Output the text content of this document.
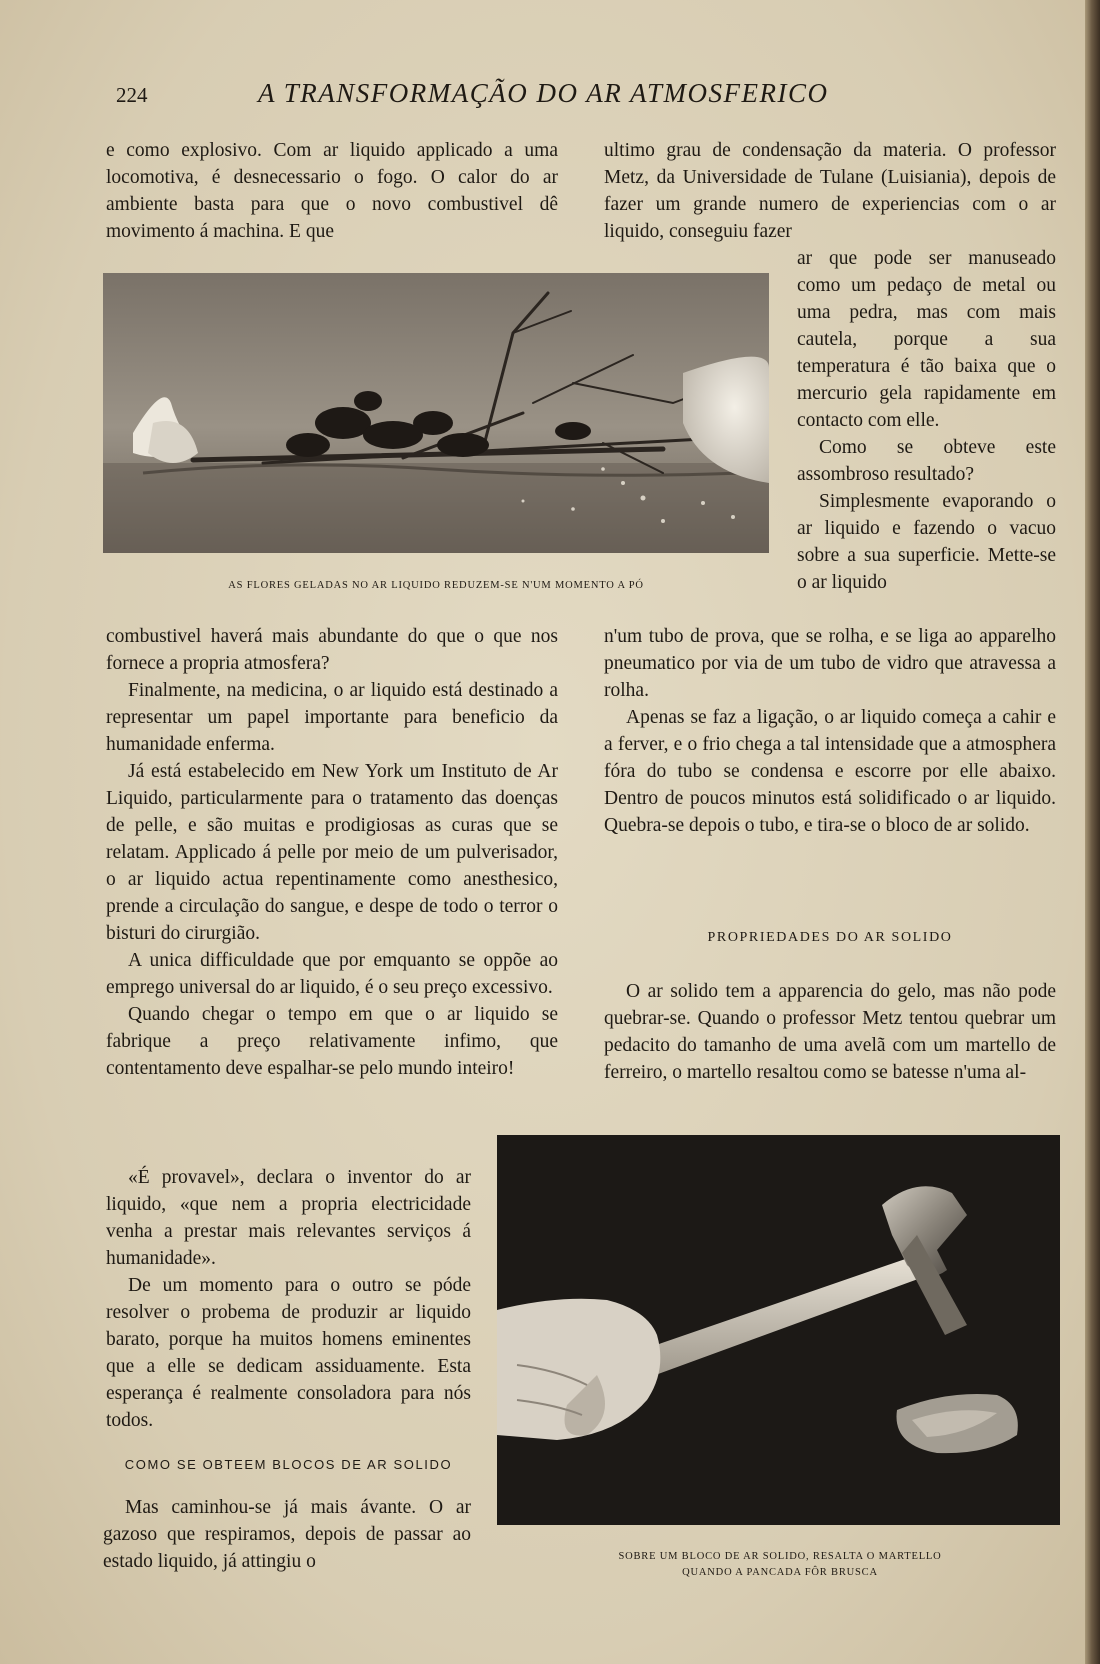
224	A TRANSFORMAÇÃO DO AR ATMOSFERICO

e como explosivo. Com ar liquido applicado a uma locomotiva, é desnecessario o fogo. O calor do ar ambiente basta para que o novo combustivel dê movimento á machina. E que

AS FLORES GELADAS NO AR LIQUIDO REDUZEM-SE N'UM MOMENTO A PÓ

combustivel haverá mais abundante do que o que nos fornece a propria atmosfera?

Finalmente, na medicina, o ar liquido está destinado a representar um papel importante para beneficio da humanidade enferma.

Já está estabelecido em New York um Instituto de Ar Liquido, particularmente para o tratamento das doenças de pelle, e são muitas e prodigiosas as curas que se relatam. Applicado á pelle por meio de um pulverisador, o ar liquido actua repentinamente como anesthesico, prende a circulação do sangue, e despe de todo o terror o bisturi do cirurgião.

A unica difficuldade que por emquanto se oppõe ao emprego universal do ar liquido, é o seu preço excessivo.

Quando chegar o tempo em que o ar liquido se fabrique a preço relativamente infimo, que contentamento deve espalhar-se pelo mundo inteiro!

«É provavel», declara o inventor do ar liquido, «que nem a propria electricidade venha a prestar mais relevantes serviços á humanidade».

De um momento para o outro se póde resolver o probema de produzir ar liquido barato, porque ha muitos homens eminentes que a elle se dedicam assiduamente. Esta esperança é realmente consoladora para nós todos.

COMO SE OBTEEM BLOCOS DE AR SOLIDO

Mas caminhou-se já mais ávante. O ar gazoso que respiramos, depois de passar ao estado liquido, já attingiu o

ultimo grau de condensação da materia. O professor Metz, da Universidade de Tulane (Luisiania), depois de fazer um grande numero de experiencias com o ar liquido, conseguiu fazer

ar que pode ser manuseado como um pedaço de metal ou uma pedra, mas com mais cautela, porque a sua temperatura é tão baixa que o mercurio gela rapidamente em contacto com elle.

Como se obteve este assombroso resultado?

Simplesmente evaporando o ar liquido e fazendo o vacuo sobre a sua superficie. Mette-se o ar liquido

n'um tubo de prova, que se rolha, e se liga ao apparelho pneumatico por via de um tubo de vidro que atravessa a rolha.

Apenas se faz a ligação, o ar liquido começa a cahir e a ferver, e o frio chega a tal intensidade que a atmosphera fóra do tubo se condensa e escorre por elle abaixo. Dentro de poucos minutos está solidificado o ar liquido. Quebra-se depois o tubo, e tira-se o bloco de ar solido.

PROPRIEDADES DO AR SOLIDO

O ar solido tem a apparencia do gelo, mas não pode quebrar-se. Quando o professor Metz tentou quebrar um pedacito do tamanho de uma avelã com um martello de ferreiro, o martello resaltou como se batesse n'uma al-

SOBRE UM BLOCO DE AR SOLIDO, RESALTA O MARTELLO
QUANDO A PANCADA FÔR BRUSCA
